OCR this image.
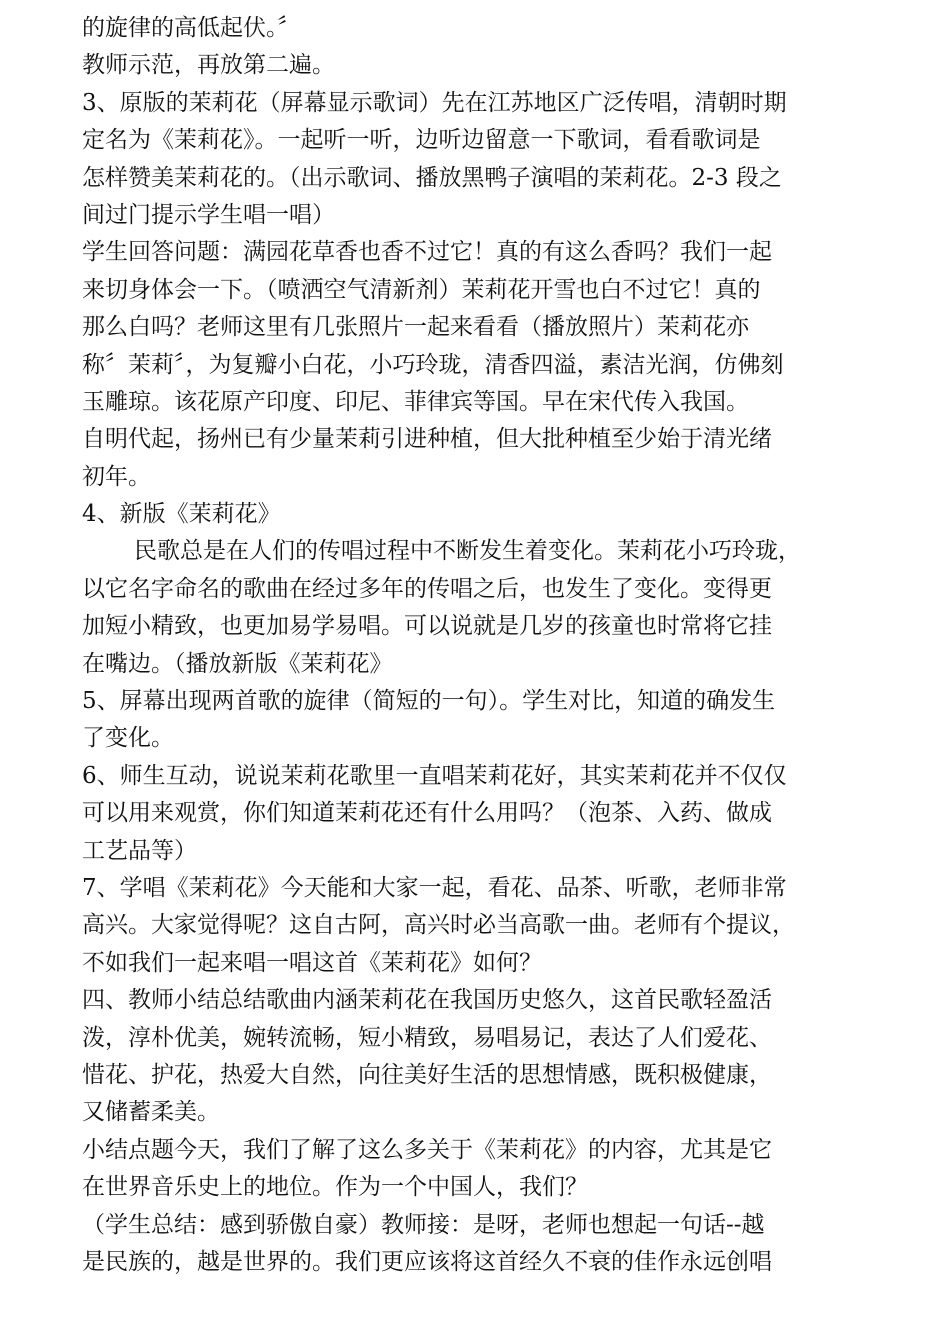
的旋律的高低起伏。〞
教师示范，再放第二遍。
3、原版的茉莉花（屏幕显示歌词）先在江苏地区广泛传唱，清朝时期
定名为《茉莉花》。一起听一听，边听边留意一下歌词，看看歌词是
怎样赞美茉莉花的。（出示歌词、播放黑鸭子演唱的茉莉花。2-3 段之
间过门提示学生唱一唱）
学生回答问题：满园花草香也香不过它！真的有这么香吗？我们一起
来切身体会一下。（喷洒空气清新剂）茉莉花开雪也白不过它！真的
那么白吗？老师这里有几张照片一起来看看（播放照片）茉莉花亦
称〞茉莉〞，为复瓣小白花，小巧玲珑，清香四溢，素洁光润，仿佛刻
玉雕琼。该花原产印度、印尼、菲律宾等国。早在宋代传入我国。
自明代起，扬州已有少量茉莉引进种植，但大批种植至少始于清光绪
初年。
4、新版《茉莉花》
民歌总是在人们的传唱过程中不断发生着变化。茉莉花小巧玲珑，
以它名字命名的歌曲在经过多年的传唱之后，也发生了变化。变得更
加短小精致，也更加易学易唱。可以说就是几岁的孩童也时常将它挂
在嘴边。（播放新版《茉莉花》
5、屏幕出现两首歌的旋律（简短的一句）。学生对比，知道的确发生
了变化。
6、师生互动，说说茉莉花歌里一直唱茉莉花好，其实茉莉花并不仅仅
可以用来观赏，你们知道茉莉花还有什么用吗？（泡茶、入药、做成
工艺品等）
7、学唱《茉莉花》今天能和大家一起，看花、品茶、听歌，老师非常
高兴。大家觉得呢？这自古阿，高兴时必当高歌一曲。老师有个提议，
不如我们一起来唱一唱这首《茉莉花》如何？
四、教师小结总结歌曲内涵茉莉花在我国历史悠久，这首民歌轻盈活
泼，淳朴优美，婉转流畅，短小精致，易唱易记，表达了人们爱花、
惜花、护花，热爱大自然，向往美好生活的思想情感，既积极健康，
又储蓄柔美。
小结点题今天，我们了解了这么多关于《茉莉花》的内容，尤其是它
在世界音乐史上的地位。作为一个中国人，我们？
（学生总结：感到骄傲自豪）教师接：是呀，老师也想起一句话--越
是民族的，越是世界的。我们更应该将这首经久不衰的佳作永远创唱
